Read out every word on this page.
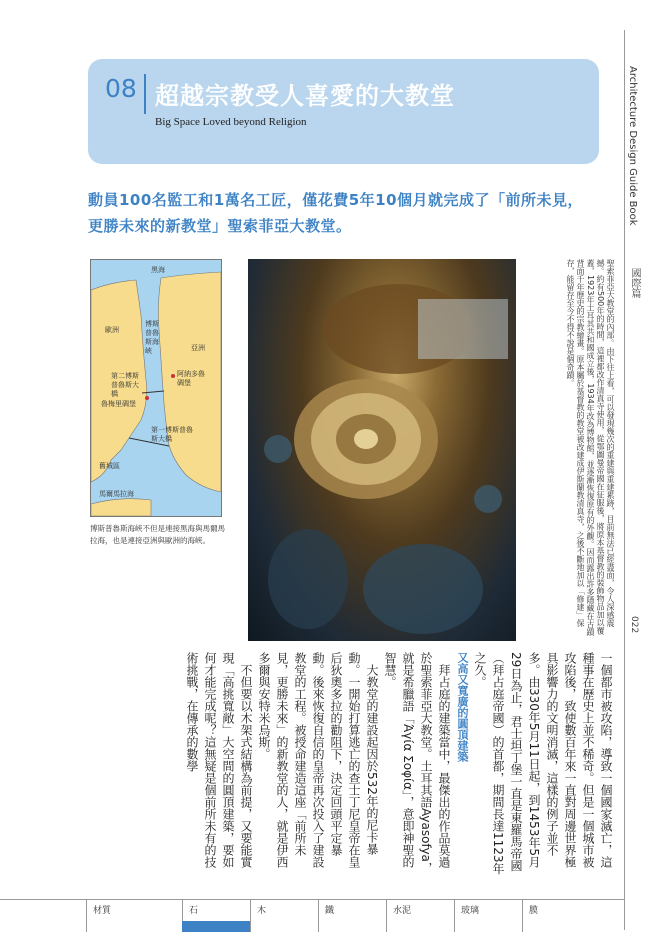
08 超越宗教受人喜愛的大教堂
Big Space Loved beyond Religion

動員100名監工和1萬名工匠，僅花費5年10個月就完成了「前所未見，

更勝未來的新教堂」聖索菲亞大教堂。

Architecture Design Guide Book
國際篇
022
黑海
歐洲
亞洲
博斯普魯斯海峽
第二博斯普魯斯大橋
魯梅里碉堡
阿納多魯碉堡
第一博斯普魯斯大橋
舊城區
馬爾馬拉海
博斯普魯斯海峽不但是連接黑海與馬爾馬拉海，也是連接亞洲與歐洲的海峽。	聖索菲亞大教堂的內部。由下往上看，可以發現幾次的重建與重建累跡，目前無法已經盡面，令人深感震撼。約有500年的時間，這裡都改作清真寺使用，從鄂圖曼帝國在征服後，將原本基督教的裝飾物品加以覆蓋，1923年土耳其共和國成立後，1934年改為博物館，並逐漸恢復原有的外觀。因而露出許多隱藏在古蹟背面千年歷史的宗教繪畫。原本屬於基督教的教堂被改建成伊斯蘭教清真寺，之後不斷地加以「修建」保存，能留存至今不得不說是個奇蹟。

一個都市被攻陷，導致一個國家滅亡，這種事在歷史上並不稀奇。但是一個城市被攻陷後，致使數百年來一直對周邊世界極具影響力的文明消滅，這樣的例子並不多。由330年5月11日起，到1453年5月29日為止，君士坦丁堡一直是東羅馬帝國（拜占庭帝國）的首都，期間長達1123年之久。

又高又寬廣的圓頂建築

拜占庭的建築當中，最傑出的作品莫過於聖索菲亞大教堂。土耳其語Ayasofya，就是希臘語「Άγία Σοφία」，意即神聖的智慧。

大教堂的建設起因於532年的尼卡暴動。一開始打算逃亡的查士丁尼皇帝在皇后狄奧多拉的勸阻下，決定回頭平定暴動。後來恢復自信的皇帝再次投入了建設教堂的工程。被授命建造這座「前所未見，更勝未來」的新教堂的人，就是伊西多爾與安特米烏斯。

不但要以木架式結構為前提，又要能實現「高挑寬敞」大空間的圓頂建築，要如何才能完成呢？這無疑是個前所未有的技術挑戰，在傳承的數學

材質	石	木	鐵	水泥	玻璃	膜
